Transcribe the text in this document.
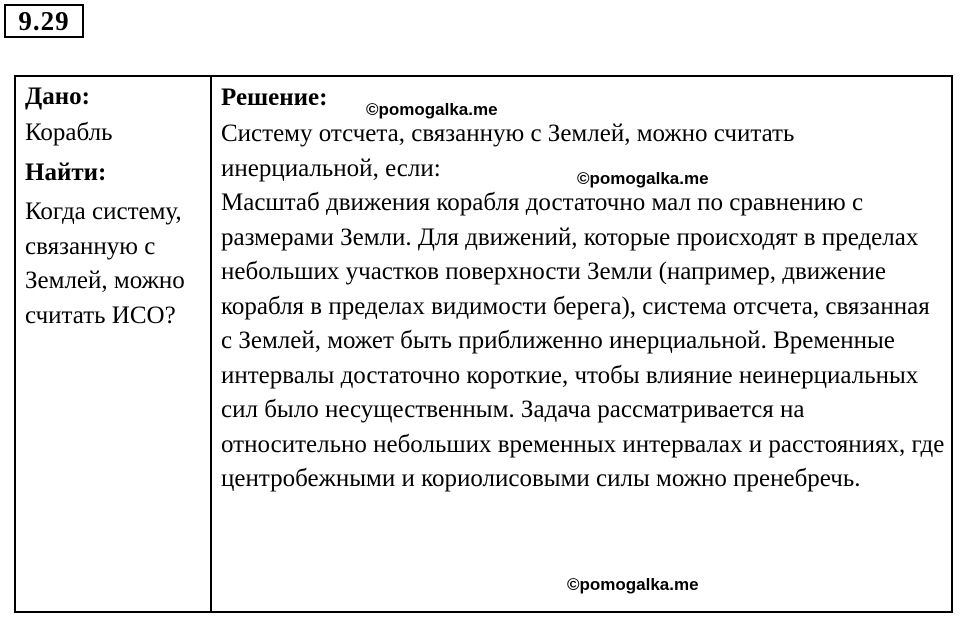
9.29
Дано:
Корабль
Найти:
Когда систему, связанную с Землей, можно считать ИСО?
Решение:
Систему отсчета, связанную с Землей, можно считать инерциальной, если:
Масштаб движения корабля достаточно мал по сравнению с размерами Земли. Для движений, которые происходят в пределах небольших участков поверхности Земли (например, движение корабля в пределах видимости берега), система отсчета, связанная с Землей, может быть приближенно инерциальной. Временные интервалы достаточно короткие, чтобы влияние неинерциальных сил было несущественным. Задача рассматривается на относительно небольших временных интервалах и расстояниях, где центробежными и кориолисовыми силы можно пренебречь.
©pomogalka.me
©pomogalka.me
©pomogalka.me
